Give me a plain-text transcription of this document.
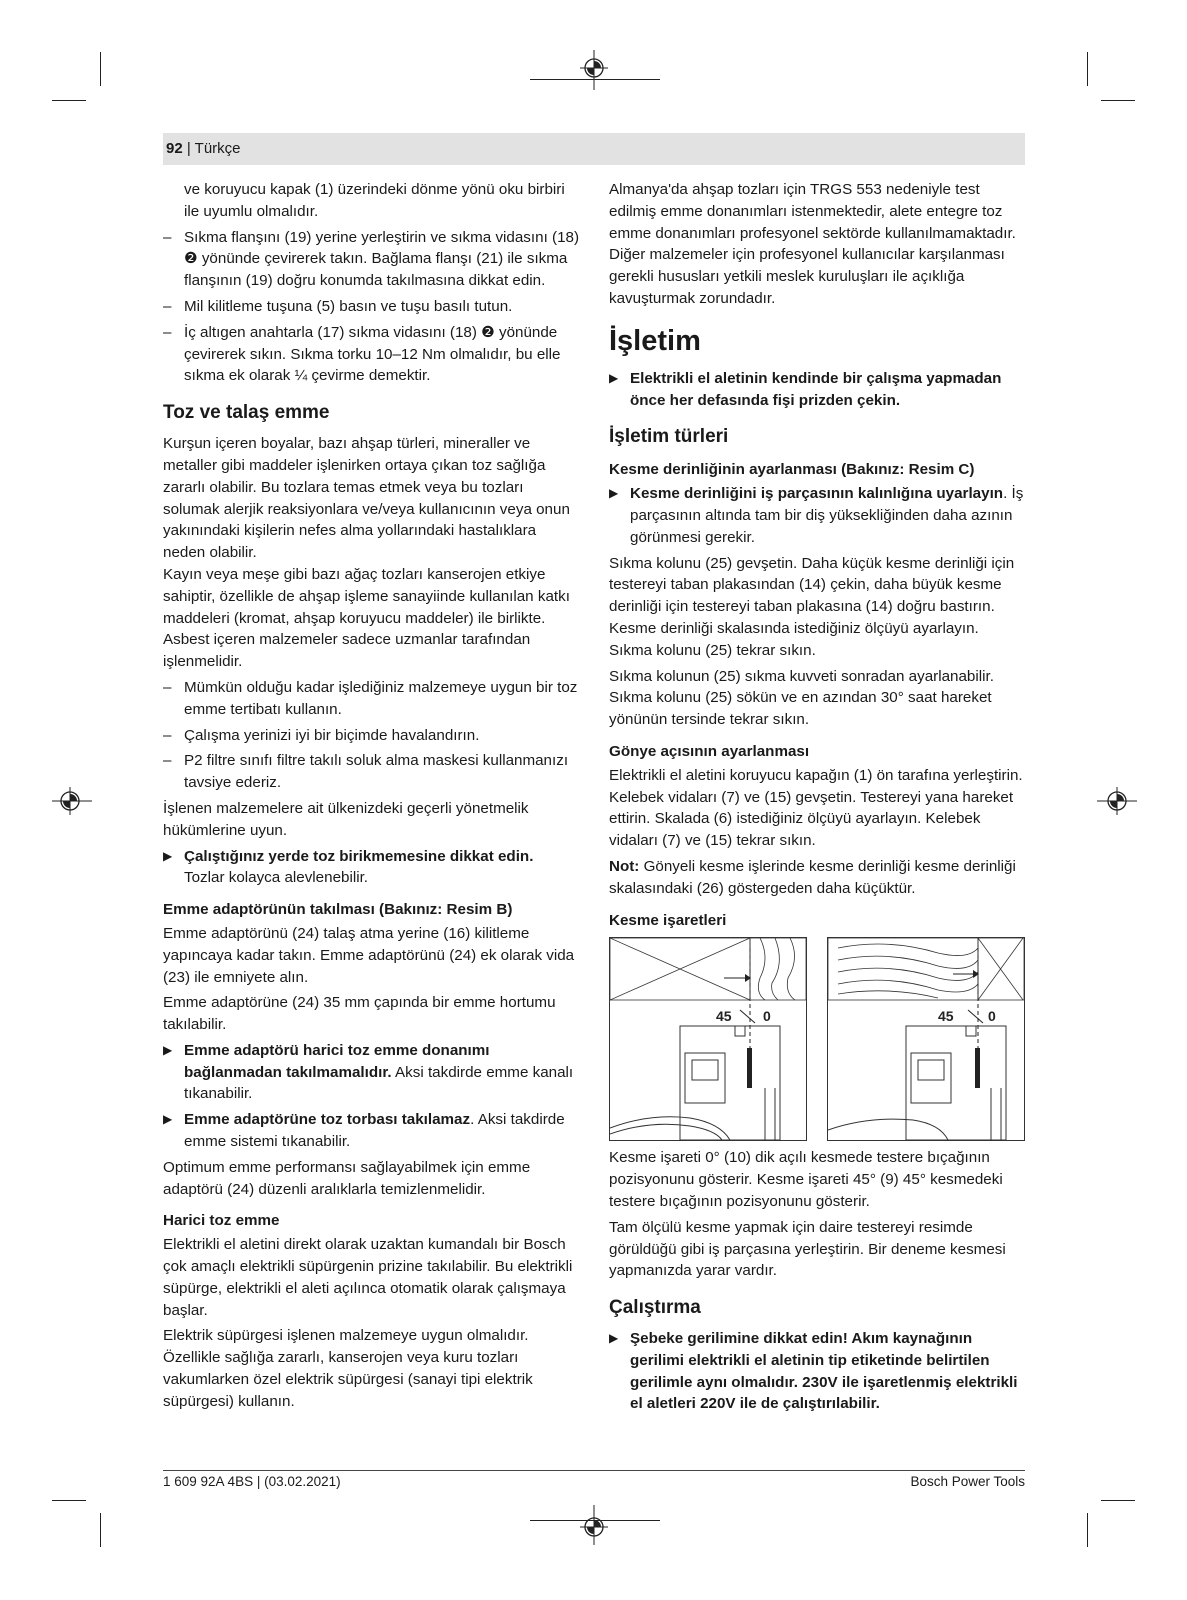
92 | Türkçe

ve koruyucu kapak (1) üzerindeki dönme yönü oku birbiri ile uyumlu olmalıdır.

– Sıkma flanşını (19) yerine yerleştirin ve sıkma vidasını (18) ❷ yönünde çevirerek takın. Bağlama flanşı (21) ile sıkma flanşının (19) doğru konumda takılmasına dikkat edin.
– Mil kilitleme tuşuna (5) basın ve tuşu basılı tutun.
– İç altıgen anahtarla (17) sıkma vidasını (18) ❷ yönünde çevirerek sıkın. Sıkma torku 10–12 Nm olmalıdır, bu elle sıkma ek olarak ¼ çevirme demektir.
Toz ve talaş emme

Kurşun içeren boyalar, bazı ahşap türleri, mineraller ve metaller gibi maddeler işlenirken ortaya çıkan toz sağlığa zararlı olabilir. Bu tozlara temas etmek veya bu tozları solumak alerjik reaksiyonlara ve/veya kullanıcının veya onun yakınındaki kişilerin nefes alma yollarındaki hastalıklara neden olabilir.

Kayın veya meşe gibi bazı ağaç tozları kanserojen etkiye sahiptir, özellikle de ahşap işleme sanayiinde kullanılan katkı maddeleri (kromat, ahşap koruyucu maddeler) ile birlikte. Asbest içeren malzemeler sadece uzmanlar tarafından işlenmelidir.

– Mümkün olduğu kadar işlediğiniz malzemeye uygun bir toz emme tertibatı kullanın.
– Çalışma yerinizi iyi bir biçimde havalandırın.
– P2 filtre sınıfı filtre takılı soluk alma maskesi kullanmanızı tavsiye ederiz.

İşlenen malzemelere ait ülkenizdeki geçerli yönetmelik hükümlerine uyun.

▶ Çalıştığınız yerde toz birikmemesine dikkat edin.
Tozlar kolayca alevlenebilir.
Emme adaptörünün takılması (Bakınız: Resim B)

Emme adaptörünü (24) talaş atma yerine (16) kilitleme yapıncaya kadar takın. Emme adaptörünü (24) ek olarak vida (23) ile emniyete alın.

Emme adaptörüne (24) 35 mm çapında bir emme hortumu takılabilir.

▶ Emme adaptörü harici toz emme donanımı bağlanmadan takılmamalıdır. Aksi takdirde emme kanalı tıkanabilir.
▶ Emme adaptörüne toz torbası takılamaz. Aksi takdirde emme sistemi tıkanabilir.

Optimum emme performansı sağlayabilmek için emme adaptörü (24) düzenli aralıklarla temizlenmelidir.

Harici toz emme

Elektrikli el aletini direkt olarak uzaktan kumandalı bir Bosch çok amaçlı elektrikli süpürgenin prizine takılabilir. Bu elektrikli süpürge, elektrikli el aleti açılınca otomatik olarak çalışmaya başlar.

Elektrik süpürgesi işlenen malzemeye uygun olmalıdır.

Özellikle sağlığa zararlı, kanserojen veya kuru tozları vakumlarken özel elektrik süpürgesi (sanayi tipi elektrik süpürgesi) kullanın.

Almanya'da ahşap tozları için TRGS 553 nedeniyle test edilmiş emme donanımları istenmektedir, alete entegre toz emme donanımları profesyonel sektörde kullanılmamaktadır. Diğer malzemeler için profesyonel kullanıcılar karşılanması gerekli hususları yetkili meslek kuruluşları ile açıklığa kavuşturmak zorundadır.

İşletim
▶ Elektrikli el aletinin kendinde bir çalışma yapmadan önce her defasında fişi prizden çekin.
İşletim türleri
Kesme derinliğinin ayarlanması (Bakınız: Resim C)
▶ Kesme derinliğini iş parçasının kalınlığına uyarlayın. İş parçasının altında tam bir diş yüksekliğinden daha azının görünmesi gerekir.

Sıkma kolunu (25) gevşetin. Daha küçük kesme derinliği için testereyi taban plakasından (14) çekin, daha büyük kesme derinliği için testereyi taban plakasına (14) doğru bastırın. Kesme derinliği skalasında istediğiniz ölçüyü ayarlayın. Sıkma kolunu (25) tekrar sıkın.

Sıkma kolunun (25) sıkma kuvveti sonradan ayarlanabilir. Sıkma kolunu (25) sökün ve en azından 30° saat hareket yönünün tersinde tekrar sıkın.

Gönye açısının ayarlanması

Elektrikli el aletini koruyucu kapağın (1) ön tarafına yerleştirin.

Kelebek vidaları (7) ve (15) gevşetin. Testereyi yana hareket ettirin. Skalada (6) istediğiniz ölçüyü ayarlayın. Kelebek vidaları (7) ve (15) tekrar sıkın.

Not: Gönyeli kesme işlerinde kesme derinliği kesme derinliği skalasındaki (26) göstergeden daha küçüktür.

Kesme işaretleri
45 0	45 0

Kesme işareti 0° (10) dik açılı kesmede testere bıçağının pozisyonunu gösterir. Kesme işareti 45° (9) 45° kesmedeki testere bıçağının pozisyonunu gösterir.

Tam ölçülü kesme yapmak için daire testereyi resimde görüldüğü gibi iş parçasına yerleştirin. Bir deneme kesmesi yapmanızda yarar vardır.

Çalıştırma
▶ Şebeke gerilimine dikkat edin! Akım kaynağının gerilimi elektrikli el aletinin tip etiketinde belirtilen gerilimle aynı olmalıdır. 230V ile işaretlenmiş elektrikli el aletleri 220V ile de çalıştırılabilir.
1 609 92A 4BS | (03.02.2021)	Bosch Power Tools
